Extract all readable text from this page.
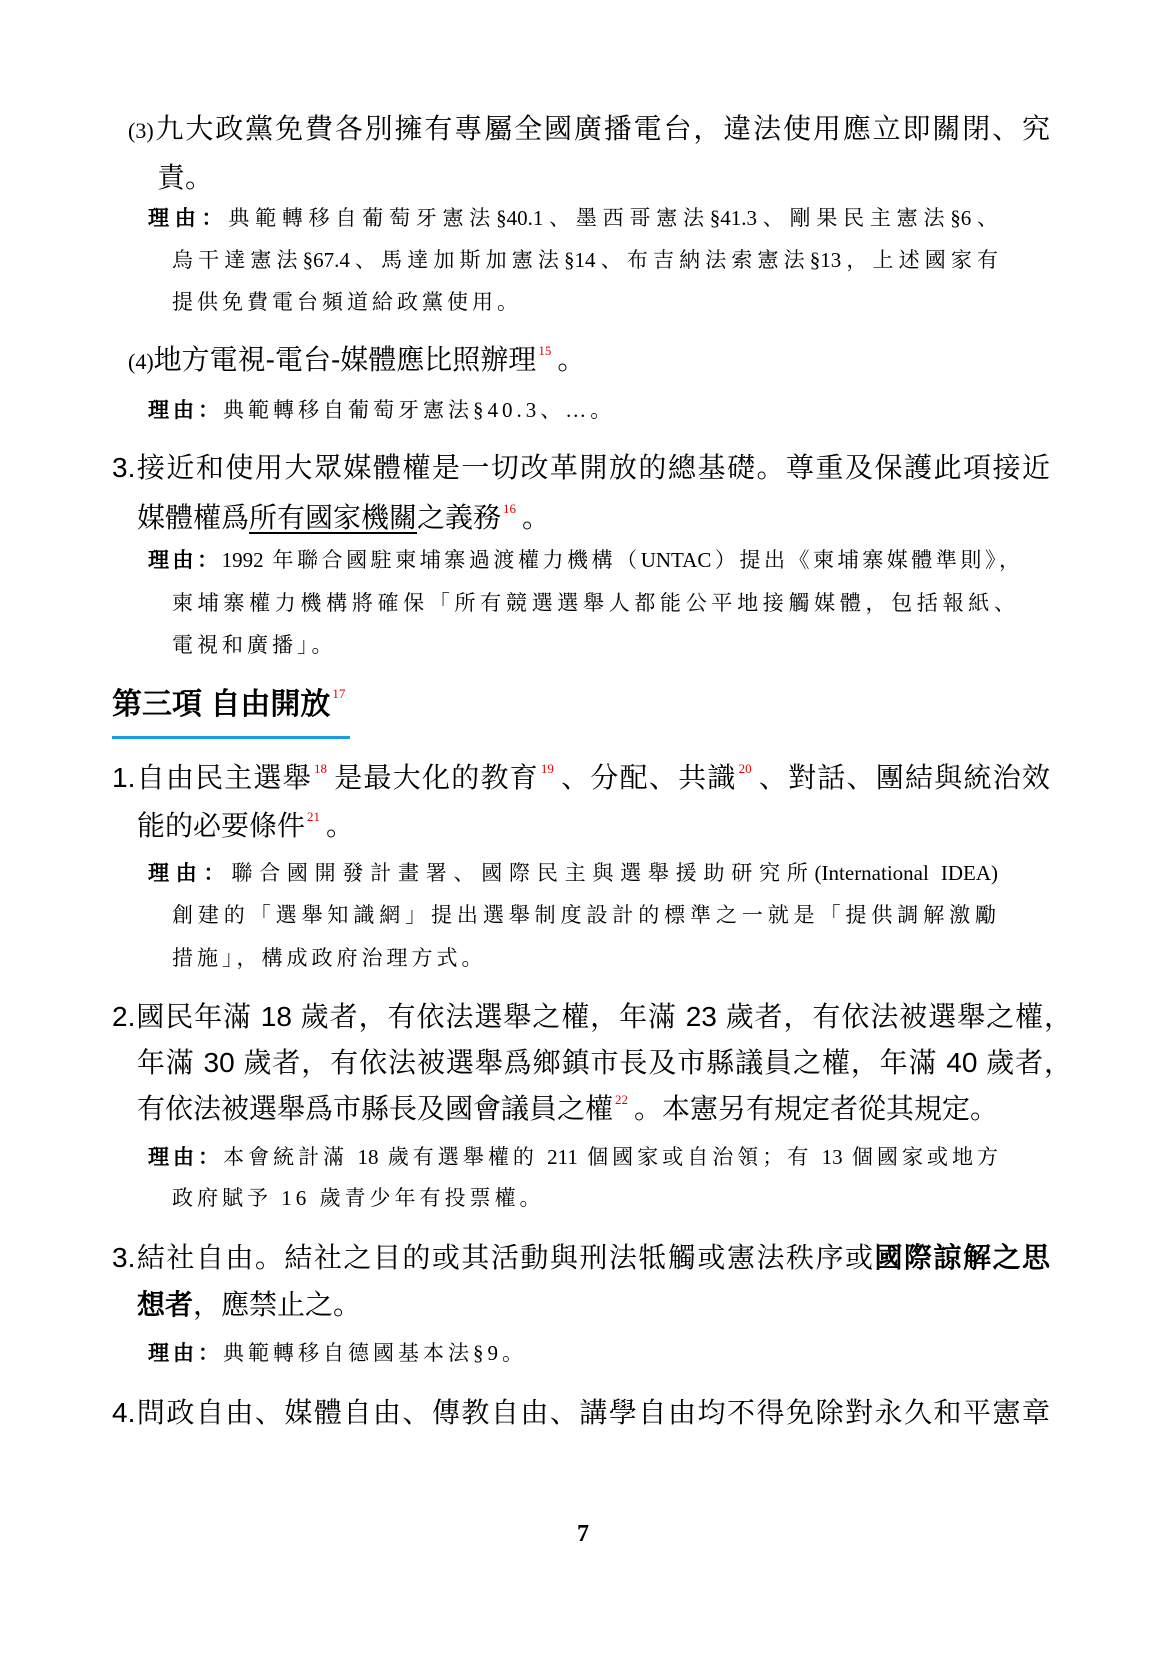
(3)九大政黨免費各別擁有專屬全國廣播電台，違法使用應立即關閉、究
責。
理由：典範轉移自葡萄牙憲法§40.1、墨西哥憲法§41.3、剛果民主憲法§6、
烏干達憲法§67.4、馬達加斯加憲法§14、布吉納法索憲法§13，上述國家有
提供免費電台頻道給政黨使用。
(4)地方電視-電台-媒體應比照辦理 $^{15}$ 。
理由：典範轉移自葡萄牙憲法§40.3、…。
3.接近和使用大眾媒體權是一切改革開放的總基礎。尊重及保護此項接近
媒體權爲所有國家機關之義務 $^{16}$ 。
理由：1992 年聯合國駐柬埔寨過渡權力機構（UNTAC）提出《柬埔寨媒體準則》，
柬埔寨權力機構將確保「所有競選選舉人都能公平地接觸媒體，包括報紙、
電視和廣播」。
第三項 自由開放 $^{17}$
1.自由民主選舉 $^{18}$ 是最大化的教育 $^{19}$ 、分配、共識 $^{20}$ 、對話、團結與統治效
能的必要條件 $^{21}$ 。
理由：聯合國開發計畫署、國際民主與選舉援助研究所(International IDEA)
創建的「選舉知識網」提出選舉制度設計的標準之一就是「提供調解激勵
措施」，構成政府治理方式。
2.國民年滿 18 歲者，有依法選舉之權，年滿 23 歲者，有依法被選舉之權，
年滿 30 歲者，有依法被選舉爲鄉鎮市長及市縣議員之權，年滿 40 歲者，
有依法被選舉爲市縣長及國會議員之權 $^{22}$ 。本憲另有規定者從其規定。
理由：本會統計滿 18 歲有選舉權的 211 個國家或自治領；有 13 個國家或地方
政府賦予 16 歲青少年有投票權。
3.結社自由。結社之目的或其活動與刑法牴觸或憲法秩序或國際諒解之思
想者，應禁止之。
理由：典範轉移自德國基本法§9。
4.問政自由、媒體自由、傳教自由、講學自由均不得免除對永久和平憲章
7
